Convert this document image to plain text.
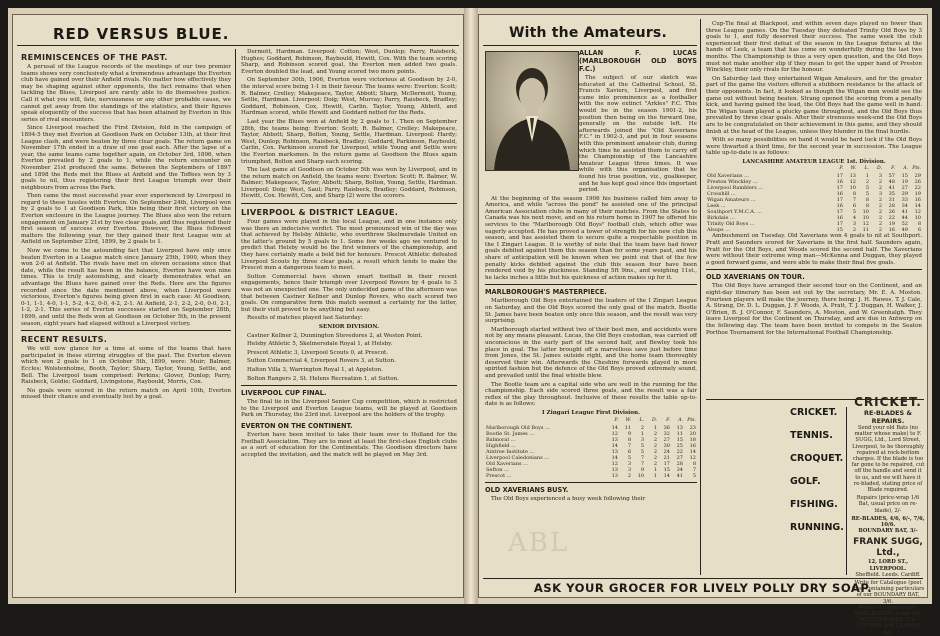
RED VERSUS BLUE.
REMINISCENCES OF THE PAST.

A perusal of the League records of the meetings of our two premier teams shows very conclusively what a tremendous advantage the Everton club have gained over their Anfield rivals. No matter how effectively they may be shaping against other opponents, the fact remains that when tackling the Blues, Liverpool are rarely able to do themselves justice. Call it what you will, fate, nervousness or any other probable cause, we cannot get away from the standings of the statistics, and their figures speak eloquently of the success that has been attained by Everton in this series of rival encounters.

Since Liverpool reached the First Division, fold in the campaign of 1894-5 they met Everton at Goodison Park on October 13th, at their first League clash, and were beaten by three clear goals. The return game on November 17th ended in a draw of one goal each. After the lapse of a year, the same teams came together again, on October 3rd, 1896, when Everton prevailed by 2 goals to 1, while the return encounter on November 21st produced the same. Between the Septembers of 1897 and 1898 the Reds met the Blues at Anfield and the Toffees won by 3 goals to nil, thus registering their first League triumph over their neighbours from across the Park.

Then came the most successful year ever experienced by Liverpool in regard to these tussles with Everton. On September 24th, Liverpool won by 2 goals to 1 at Goodison Park, this being their first victory on the Everton enclosure in the League journey. The Blues also won the return engagement on January 21st by two clear goals, and thus registered their first season of success over Everton. However, the Blues followed matters the following year, for they gained their first League win at Anfield on September 23rd, 1899, by 2 goals to 1.

Now we come to the astounding fact that Liverpool have only once beaten Everton in a League match since January 25th, 1900, when they won 2-0 at Anfield. The rivals have met on eleven occasions since that date, while the result has been in the balance, Everton have won nine times. This is truly astonishing, and clearly demonstrates what an advantage the Blues have gained over the Reds. Here are the figures recorded since the date mentioned above, when Liverpool were victorious, Everton's figures being given first in each case: At Goodison, 0-1, 1-1, 4-0, 1-1, 5-2, 4-2, 0-0, 4-2, 2-1. At Anfield, 2-1, 2-2, 2-0, 0-0, 2-1, 1-2, 2-1. This series of Everton successes started on September 28th, 1899, and until the Reds won at Goodison on October 5th, in the present season, eight years had elapsed without a Liverpool victory.

RECENT RESULTS.

We will now glance for a time at some of the teams that have participated in these stirring struggles of the past. The Everton eleven which won 2 goals to 1 on October 5th, 1899, were: Muir; Balmer, Eccles; Wolstenholme, Booth, Taylor; Sharp, Taylor, Young, Settle, and Bell. The Liverpool team comprised: Perkins; Glover, Dunlop; Parry, Raisbeck, Goldie; Goddard, Livingstone, Raybould, Morris, Cox.

No goals were scored in the return match on April 10th, Everton missed their chance and eventually lost by a goal.

Dermott, Hardman. Liverpool: Cotton; West, Dunlop; Parry, Raisbeck, Hughes; Goddard, Robinson, Raybould, Hewitt, Cox. With the team scoring Sharp, and Robinson scored goal, the Everton men added two goals. Everton doubled the lead, and Young scored two more points.

On September 30th, 1906, Everton were victorious at Goodison by 2-0, the interval score being 1-1 in their favour. The teams were: Everton: Scott; R. Balmer, Crelley; Makepeace, Taylor, Abbott; Sharp, McDermott, Young, Settle, Hardman. Liverpool: Doig; West, Murray; Parry, Raisbeck, Bradley; Goddard, Robinson, Cox, Hewitt, Carlin. Taylor, Young, Abbott, and Hardman scored, while Hewitt and Goddard netted for the Reds.

Last year the Blues won at Anfield by 2 goals to 1. Then on September 28th, the teams being: Everton: Scott; R. Balmer, Crelley; Makepeace, Taylor, Abbott; Sharp, Bolton, Young, Settle, Hardman. Liverpool: Hardy; West, Dunlop; Robinson, Raisbeck, Bradley; Goddard, Parkinson, Raybould, Carlin, Cox. Parkinson scored for Liverpool, while Young and Settle were the Everton marksmen. In the return game at Goodison the Blues again triumphed, Bolton and Sharp each scoring.

The last game at Goodison on October 5th was won by Liverpool, and in the return match on Anfield, the teams were: Everton: Scott; R. Balmer, W. Balmer; Makepeace, Taylor, Abbott; Sharp, Bolton, Young, Settle, Hardman. Liverpool: Doig; West, Saul; Parry, Raisbeck, Bradley; Goddard, Robinson, Hewitt, Cox. Hewitt, Cox, and Sharp (2) were the scorers.

LIVERPOOL & DISTRICT LEAGUE.

Four games were played in the local League, and in one instance only was there an indecisive verdict. The most pronounced win of the day was that achieved by Helsby Athletic, who overthrew Skelmersdale United on the latter's ground by 5 goals to 1. Some few weeks ago we ventured to predict that Helsby would be the first winners of the championship, and they have certainly made a bold bid for honours. Prescot Athletic defeated Liverpool Scouts by three clear goals, a result which tends to make the Prescot men a dangerous team to meet.

Sutton Commercial have shown smart football in their recent engagements, hence their triumph over Liverpool Rovers by 4 goals to 3 was not an unexpected one. The only undecided game of the afternoon was that between Castner Kellner and Dunlop Rovers, who each scored two goals. On comparative form this match seemed a certainty for the latter, but their visit proved to be anything but easy.

Results of matches played last Saturday:

SENIOR DIVISION.

Castner Kellner 2, Dunnington Stevedores 2, at Weston Point.

Helsby Athletic 5, Skelmersdale Royal 1, at Helsby.

Prescot Athletic 3, Liverpool Scouts 0, at Prescot.

Sutton Commercial 4, Liverpool Rovers 3, at Sutton.

Halton Villa 3, Warrington Royal 1, at Appleton.

Bolton Rangers 2, St. Helens Recreation 1, at Sutton.

LIVERPOOL CUP FINAL.

The final tie in the Liverpool Senior Cup competition, which is restricted to the Liverpool and Everton League teams, will be played at Goodison Park on Thursday, the 23rd inst. Liverpool are the holders of the trophy.

EVERTON ON THE CONTINENT.

Everton have been invited to take their team over to Holland for the Football Association. They are to meet at least the first-class English clubs as a sort of education for the Continentals. The Goodison directors have accepted the invitation, and the match will be played on May 3rd.

With the Amateurs.
ALLAN F. LUCAS (MARLBOROUGH OLD BOYS F.C.)

The subject of our sketch was educated at the Cathedral School, St. Francis Xaviers, Liverpool, and first came into prominence as a footballer with the now extinct "Arkles" F.C. This would be in the season 1901-2, his position then being on the forward line, generally on the outside left. He afterwards joined the "Old Xaverians F.C." in 1902-3, and put in four seasons with this prominent amateur club, during which time he assisted them to carry off the Championship of the Lancashire Amateur League three times. It was while with this organisation that he found his true position, viz., goalkeeper, and he has kept goal since this important period.

At the beginning of the season 1906 his business called him away to America, and while "across the pond" he assisted one of the principal American Association clubs in many of their matches. From the States to Canada was his next move, and on his return home in 1907 he offered his services to the "Marlborough Old Boys" football club, which offer was eagerly accepted. He has proved a tower of strength for his new club this season, and has assisted them to secure quite a respectable position in the I Zingari League. It is worthy of note that the team have had fewer goals debited against them this season than for some years past, and his share of anticipation will be known when we point out that of the few penalty kicks debited against the club this season four have been rendered void by his pluckiness. Standing 5ft 9ins., and weighing 11st., he lacks inches a little but his quickness of action makes up for it.

MARLBOROUGH'S MASTERPIECE.

Marlborough Old Boys entertained the leaders of the I Zingari League on Saturday, and the Old Boys scored the only goal of the match. Bootle St. James have been beaten only once this season, and the result was very surprising.

Marlborough started without two of their best men, and accidents were not by any means pleasant. Lucas, the Old Boys custodian, was carried off unconscious in the early part of the second half, and Bewley took his place in goal. The latter brought off a marvellous save just before time from Jones, the St. James outside right, and the home team thoroughly deserved their win. Afterwards the Cheshire forwards played in more spirited fashion but the defence of the Old Boys proved extremely sound, and prevailed until the final whistle blew.

The Bootle team are a capital side who are well in the running for the championship. Each side scored three goals, and the result was a fair reflex of the play throughout. Inclusive of these results the table up-to-date is as follows:

I Zingari League First Division.
	P.	W.	L.	D.	F.	A.	Pts.
Marlborough Old Boys ...	14	11	2	1	36	13	23
Bootle St. James ...	12	9	1	2	32	11	20
Balmoral ...	13	8	3	2	27	15	18
Highfield ...	14	7	5	2	30	25	16
Aintree Institute ...	13	6	5	2	24	22	14
Liverpool Caledonians ...	14	5	7	2	21	27	12
Old Xaverians ...	12	3	7	2	17	28	8
Sefton ...	13	3	9	1	15	34	7
Prescot ...	13	2	10	1	14	41	5
OLD XAVERIANS BUSY.

The Old Boys experienced a busy week following their

Cup-Tie final at Blackpool, and within seven days played no fewer than three League games. On the Tuesday they defeated Trinity Old Boys by 3 goals to 1, and fully deserved their success. The same week the club experienced their first defeat of the season in the League fixtures at the hands of Leek, a team that has come on wonderfully during the last two months. The Championship is thus a very open question, and the Old Boys must not make another slip if they mean to get the upper hand of Preston Winckley, their only rivals for the honour.

On Saturday last they entertained Wigan Amateurs, and for the greater part of the game the visitors offered a stubborn resistance to the attack of their opponents. In fact, it looked as though the Wigan men would see the game out without being beaten. Strang opened the scoring from a penalty kick, and having gained the lead, the Old Boys had the game well in hand. The Wigan team played a plucky game throughout, and the Old Boys thus prevailed by three clear goals. After their strenuous week-end the Old Boys are to be congratulated on their achievement in this game, and they should finish at the head of the League, unless they blunder in the final hurdle.

With so many possibilities on hand it would be hard luck if the Old Boys were thwarted a third time, for the second year in succession. The League table up-to-date is as follows:

LANCASHIRE AMATEUR LEAGUE 1st. Division.
	P.	W.	L.	D.	F.	A.	Pts.
Old Xaverians ...	17	13	1	3	57	15	29
Preston Winckley ...	16	12	2	2	48	19	26
Liverpool Ramblers ...	17	10	5	2	41	27	22
Crosshill ...	16	8	5	3	35	29	19
Wigan Amateurs ...	17	7	8	2	31	33	16
Leek ...	16	6	8	2	28	34	14
Southport Y.M.C.A. ...	17	5	10	2	26	41	12
Birkdale ...	16	4	10	2	22	44	10
Trinity Old Boys ...	17	3	12	2	19	52	8
Alsops ...	15	2	11	2	16	49	6

Ambushment on Tuesday. Old Xaverians won 4 goals to nil at Southport. Pratt and Saunders scored for Xaverians in the first half. Saunders again, Pratt for the Old Boys, and Woods scored the second half. The Xaverians were without their extreme wing man—McKenna and Duggan, they played a good forward game, and were able to make their final five goals.

OLD XAVERIANS ON TOUR.

The Old Boys have arranged their second tour on the Continent, and an eight-day itinerary has been set out by the secretary, Mr. E. A. Moston. Fourteen players will make the journey, there being: J. H. Rawes, T. J. Cale, A. Strang, Dr. D. L. Duggan, J. F. Woods, A. Pratt, T. J. Duggan, H. Walker, J. O'Brien, B. J. O'Connor, F. Saunders, A. Moston, and W. Greenhalgh. They leave Liverpool for the Continent on Thursday, and are due in Antwerp on the following day. The team have been invited to compete in the Seaton Porthoe Tournament for the International Football Championship.

CRICKET.
TENNIS.
CROQUET.
GOLF.
FISHING.
RUNNING.
CRICKET.
RE-BLADES & REPAIRS.
Send your old Bats (no matter whose make) to F. SUGG, Ltd., Lord Street, Liverpool, to be thoroughly repaired at rock-bottom charges. If the blade is too far gone to be repaired, cut off the handle and send it to us, and we will have it re-bladed, stating price of Blade required.
Repairs (price-wrap 1/6 Bat, usual price on re-blade), 2/-
RE-BLADES, 4/6, 6/-, 7/6, 10/6.
BOUNDARY BAT, 3/-
FRANK SUGG, Ltd.,
12, LORD ST., LIVERPOOL.
Sheffield. Leeds. Cardiff.
Write for Catalogue (post free) containing particulars of our BOUNDARY BAT, 3/6.
Week's Competition. MATCH BATS from 4/6. MATCH BALLS, 2/6. STUMPS and GLOVES &c.
ASK YOUR GROCER FOR LIVELY POLLY DRY SOAP.
ABL
